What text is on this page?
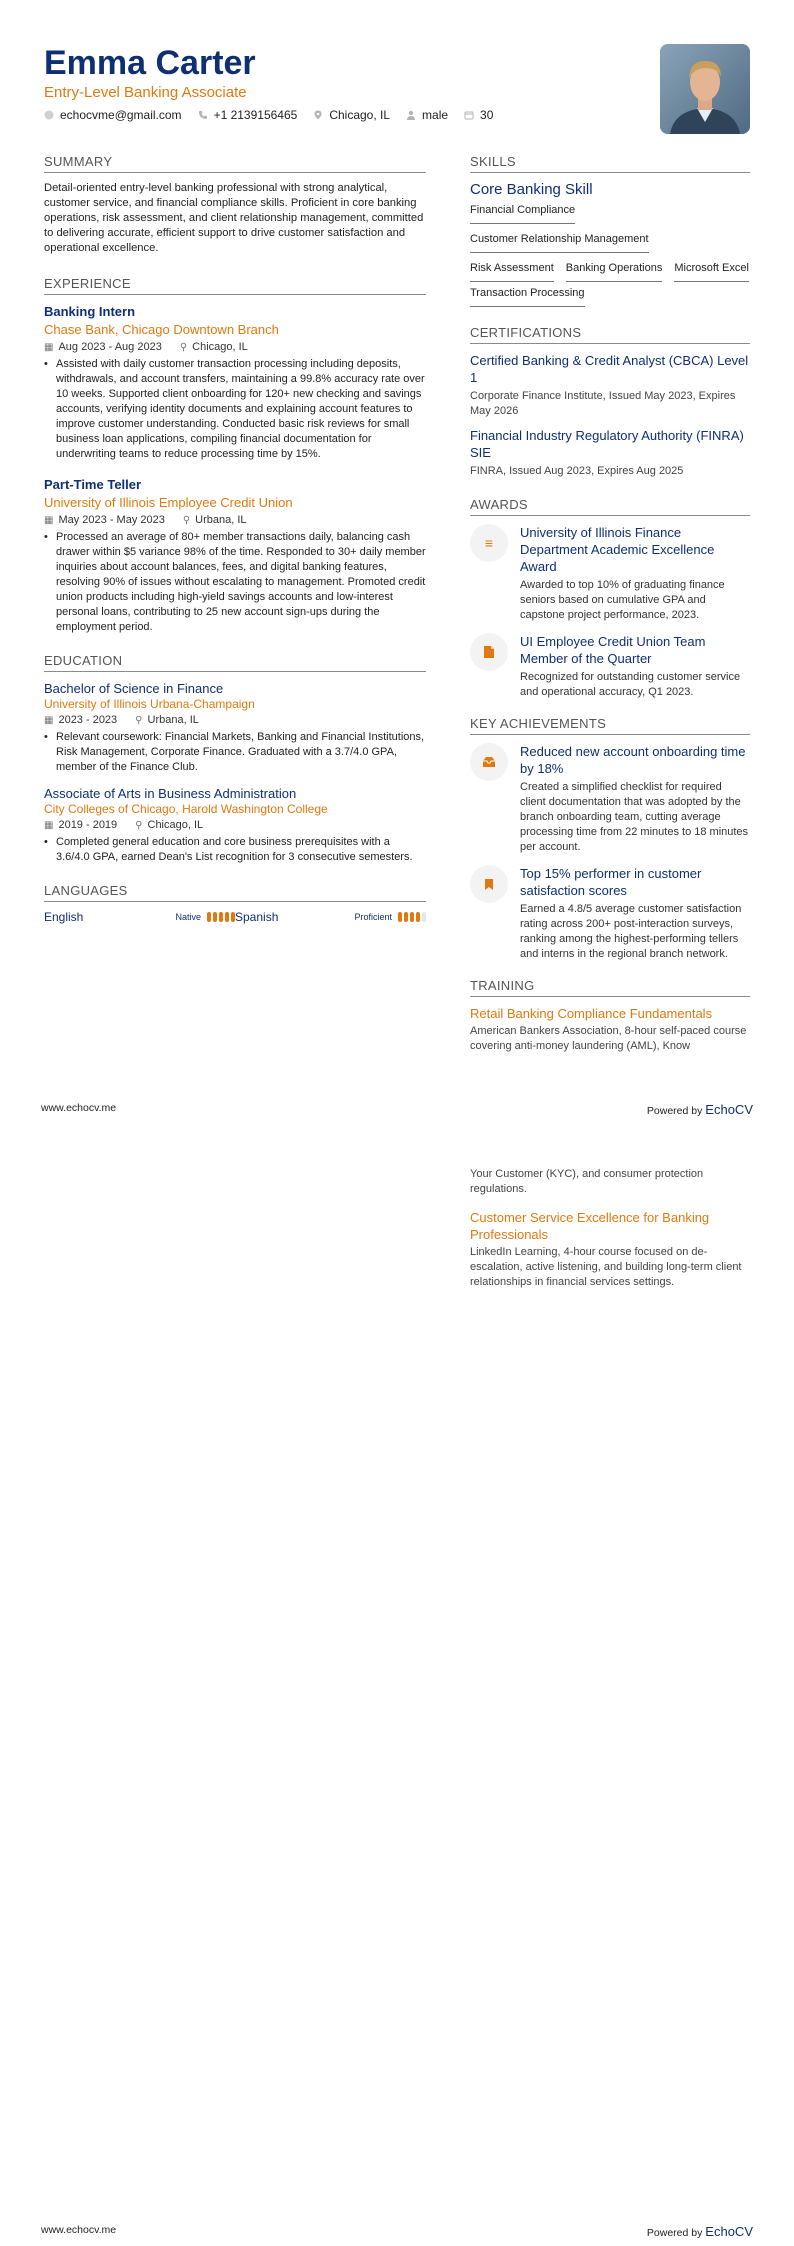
Emma Carter
Entry-Level Banking Associate
echocvme@gmail.com	+1 2139156465	Chicago, IL	male	30
SUMMARY
Detail-oriented entry-level banking professional with strong analytical, customer service, and financial compliance skills. Proficient in core banking operations, risk assessment, and client relationship management, committed to delivering accurate, efficient support to drive customer satisfaction and operational excellence.
EXPERIENCE
Banking Intern
Chase Bank, Chicago Downtown Branch
▦ Aug 2023 - Aug 2023 ⚲ Chicago, IL
• Assisted with daily customer transaction processing including deposits, withdrawals, and account transfers, maintaining a 99.8% accuracy rate over 10 weeks. Supported client onboarding for 120+ new checking and savings accounts, verifying identity documents and explaining account features to improve customer understanding. Conducted basic risk reviews for small business loan applications, compiling financial documentation for underwriting teams to reduce processing time by 15%.
Part-Time Teller
University of Illinois Employee Credit Union
▦ May 2023 - May 2023 ⚲ Urbana, IL
• Processed an average of 80+ member transactions daily, balancing cash drawer within $5 variance 98% of the time. Responded to 30+ daily member inquiries about account balances, fees, and digital banking features, resolving 90% of issues without escalating to management. Promoted credit union products including high-yield savings accounts and low-interest personal loans, contributing to 25 new account sign-ups during the employment period.
EDUCATION
Bachelor of Science in Finance
University of Illinois Urbana-Champaign
▦ 2023 - 2023 ⚲ Urbana, IL
• Relevant coursework: Financial Markets, Banking and Financial Institutions, Risk Management, Corporate Finance. Graduated with a 3.7/4.0 GPA, member of the Finance Club.
Associate of Arts in Business Administration
City Colleges of Chicago, Harold Washington College
▦ 2019 - 2019 ⚲ Chicago, IL
• Completed general education and core business prerequisites with a 3.6/4.0 GPA, earned Dean's List recognition for 3 consecutive semesters.
LANGUAGES
English	Native	Spanish	Proficient
SKILLS
Core Banking Skill
Financial Compliance
Customer Relationship Management
Risk Assessment Banking Operations Microsoft Excel
Transaction Processing
CERTIFICATIONS
Certified Banking & Credit Analyst (CBCA) Level 1
Corporate Finance Institute, Issued May 2023, Expires May 2026
Financial Industry Regulatory Authority (FINRA) SIE
FINRA, Issued Aug 2023, Expires Aug 2025
AWARDS
≡
University of Illinois Finance Department Academic Excellence Award
Awarded to top 10% of graduating finance seniors based on cumulative GPA and capstone project performance, 2023.
UI Employee Credit Union Team Member of the Quarter
Recognized for outstanding customer service and operational accuracy, Q1 2023.
KEY ACHIEVEMENTS
Reduced new account onboarding time by 18%
Created a simplified checklist for required client documentation that was adopted by the branch onboarding team, cutting average processing time from 22 minutes to 18 minutes per account.
Top 15% performer in customer satisfaction scores
Earned a 4.8/5 average customer satisfaction rating across 200+ post-interaction surveys, ranking among the highest-performing tellers and interns in the regional branch network.
TRAINING
Retail Banking Compliance Fundamentals
American Bankers Association, 8-hour self-paced course covering anti-money laundering (AML), Know
www.echocv.me	Powered by EchoCV
Your Customer (KYC), and consumer protection regulations.
Customer Service Excellence for Banking Professionals
LinkedIn Learning, 4-hour course focused on de-escalation, active listening, and building long-term client relationships in financial services settings.
www.echocv.me	Powered by EchoCV
